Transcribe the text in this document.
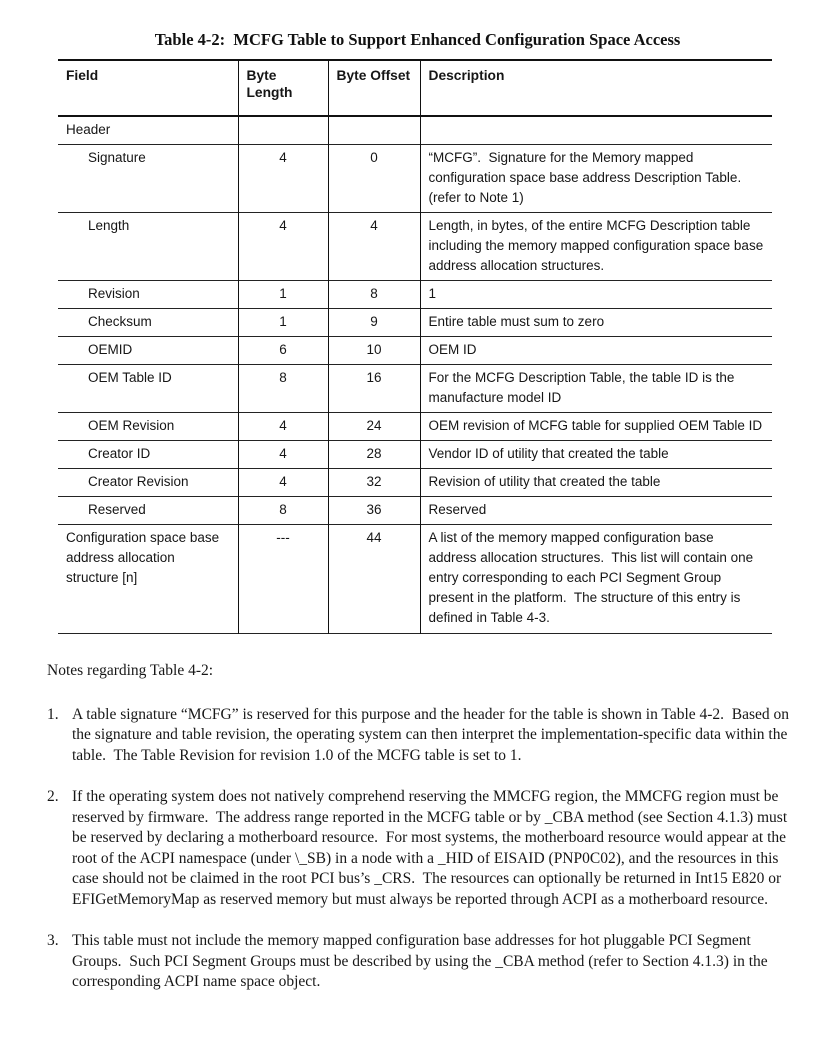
Table 4-2:  MCFG Table to Support Enhanced Configuration Space Access
Field	Byte Length	Byte Offset	Description
Header			
Signature	4	0	“MCFG”.  Signature for the Memory mapped configuration space base address Description Table.  (refer to Note 1)
Length	4	4	Length, in bytes, of the entire MCFG Description table including the memory mapped configuration space base address allocation structures.
Revision	1	8	1
Checksum	1	9	Entire table must sum to zero
OEMID	6	10	OEM ID
OEM Table ID	8	16	For the MCFG Description Table, the table ID is the manufacture model ID
OEM Revision	4	24	OEM revision of MCFG table for supplied OEM Table ID
Creator ID	4	28	Vendor ID of utility that created the table
Creator Revision	4	32	Revision of utility that created the table
Reserved	8	36	Reserved
Configuration space base address allocation structure [n]	---	44	A list of the memory mapped configuration base address allocation structures.  This list will contain one entry corresponding to each PCI Segment Group present in the platform.  The structure of this entry is defined in Table 4-3.
Notes regarding Table 4-2:
1. A table signature “MCFG” is reserved for this purpose and the header for the table is shown in Table 4-2.  Based on the signature and table revision, the operating system can then interpret the implementation-specific data within the table.  The Table Revision for revision 1.0 of the MCFG table is set to 1.
2. If the operating system does not natively comprehend reserving the MMCFG region, the MMCFG region must be reserved by firmware.  The address range reported in the MCFG table or by _CBA method (see Section 4.1.3) must be reserved by declaring a motherboard resource.  For most systems, the motherboard resource would appear at the root of the ACPI namespace (under \_SB) in a node with a _HID of EISAID (PNP0C02), and the resources in this case should not be claimed in the root PCI bus’s _CRS.  The resources can optionally be returned in Int15 E820 or EFIGetMemoryMap as reserved memory but must always be reported through ACPI as a motherboard resource.
3. This table must not include the memory mapped configuration base addresses for hot pluggable PCI Segment Groups.  Such PCI Segment Groups must be described by using the _CBA method (refer to Section 4.1.3) in the corresponding ACPI name space object.
